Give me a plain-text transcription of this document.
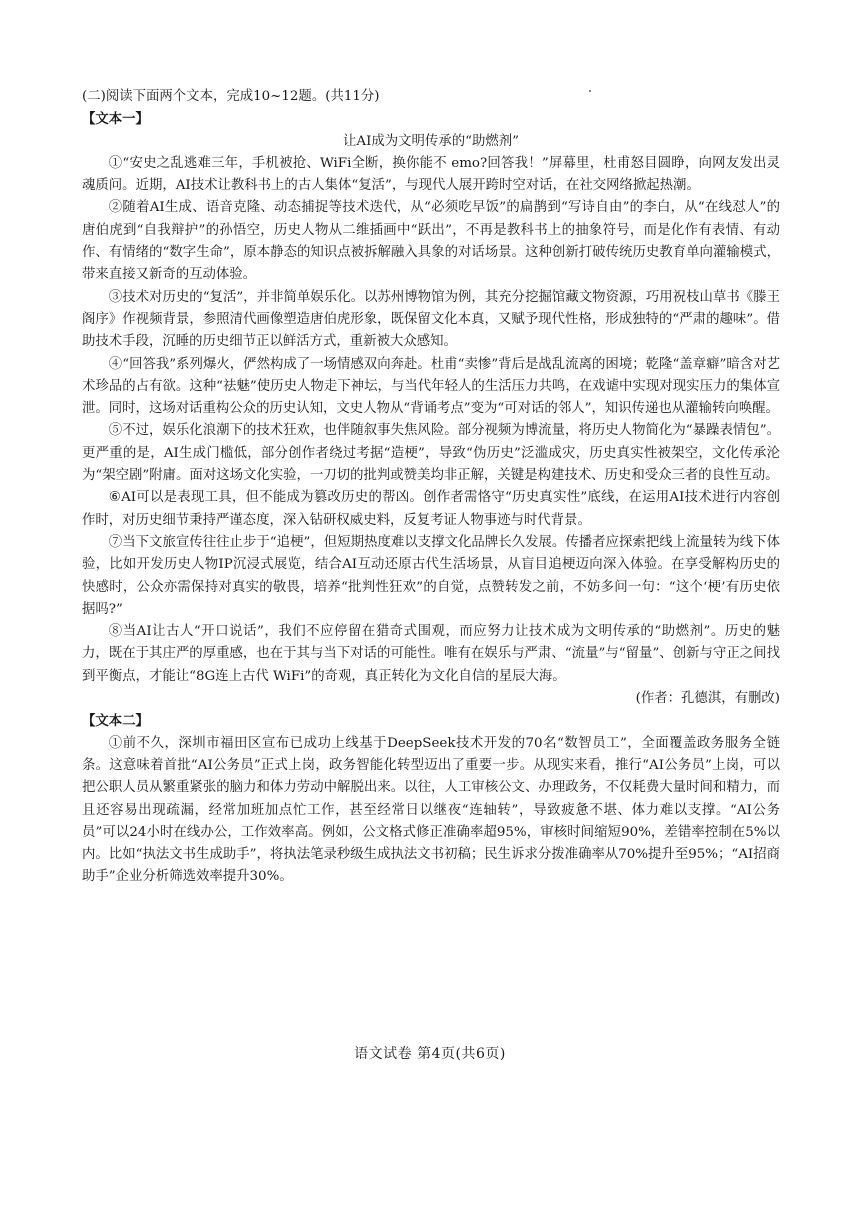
(二)阅读下面两个文本，完成10~12题。(共11分)

【文本一】

让AI成为文明传承的“助燃剂”

①“安史之乱逃难三年，手机被抢、WiFi全断，换你能不 emo?回答我！”屏幕里，杜甫怒目圆睁，向网友发出灵魂质问。近期，AI技术让教科书上的古人集体“复活”，与现代人展开跨时空对话，在社交网络掀起热潮。

②随着AI生成、语音克隆、动态捕捉等技术迭代，从“必须吃早饭”的扁鹊到“写诗自由”的李白，从“在线怼人”的唐伯虎到“自我辩护”的孙悟空，历史人物从二维插画中“跃出”，不再是教科书上的抽象符号，而是化作有表情、有动作、有情绪的“数字生命”，原本静态的知识点被拆解融入具象的对话场景。这种创新打破传统历史教育单向灌输模式，带来直接又新奇的互动体验。

③技术对历史的“复活”，并非简单娱乐化。以苏州博物馆为例，其充分挖掘馆藏文物资源，巧用祝枝山草书《滕王阁序》作视频背景，参照清代画像塑造唐伯虎形象，既保留文化本真，又赋予现代性格，形成独特的“严肃的趣味”。借助技术手段，沉睡的历史细节正以鲜活方式，重新被大众感知。

④“回答我”系列爆火，俨然构成了一场情感双向奔赴。杜甫“卖惨”背后是战乱流离的困境；乾隆“盖章癖”暗含对艺术珍品的占有欲。这种“祛魅”使历史人物走下神坛，与当代年轻人的生活压力共鸣，在戏谑中实现对现实压力的集体宣泄。同时，这场对话重构公众的历史认知，文史人物从“背诵考点”变为“可对话的邻人”，知识传递也从灌输转向唤醒。

⑤不过，娱乐化浪潮下的技术狂欢，也伴随叙事失焦风险。部分视频为博流量，将历史人物简化为“暴躁表情包”。更严重的是，AI生成门槛低，部分创作者绕过考据“造梗”，导致“伪历史”泛滥成灾，历史真实性被架空，文化传承沦为“架空剧”附庸。面对这场文化实验，一刀切的批判或赞美均非正解，关键是构建技术、历史和受众三者的良性互动。

⑥AI可以是表现工具，但不能成为篡改历史的帮凶。创作者需恪守“历史真实性”底线，在运用AI技术进行内容创作时，对历史细节秉持严谨态度，深入钻研权威史料，反复考证人物事迹与时代背景。

⑦当下文旅宣传往往止步于“追梗”，但短期热度难以支撑文化品牌长久发展。传播者应探索把线上流量转为线下体验，比如开发历史人物IP沉浸式展览，结合AI互动还原古代生活场景，从盲目追梗迈向深入体验。在享受解构历史的快感时，公众亦需保持对真实的敬畏，培养“批判性狂欢”的自觉，点赞转发之前，不妨多问一句：“这个‘梗’有历史依据吗?”

⑧当AI让古人“开口说话”，我们不应停留在猎奇式围观，而应努力让技术成为文明传承的“助燃剂”。历史的魅力，既在于其庄严的厚重感，也在于其与当下对话的可能性。唯有在娱乐与严肃、“流量”与“留量”、创新与守正之间找到平衡点，才能让“8G连上古代 WiFi”的奇观，真正转化为文化自信的星辰大海。

(作者：孔德淇，有删改)

【文本二】

①前不久，深圳市福田区宣布已成功上线基于DeepSeek技术开发的70名“数智员工”，全面覆盖政务服务全链条。这意味着首批“AI公务员”正式上岗，政务智能化转型迈出了重要一步。从现实来看，推行“AI公务员”上岗，可以把公职人员从繁重紧张的脑力和体力劳动中解脱出来。以往，人工审核公文、办理政务，不仅耗费大量时间和精力，而且还容易出现疏漏，经常加班加点忙工作，甚至经常日以继夜“连轴转”，导致疲惫不堪、体力难以支撑。“AI公务员”可以24小时在线办公，工作效率高。例如，公文格式修正准确率超95%，审核时间缩短90%，差错率控制在5%以内。比如“执法文书生成助手”，将执法笔录秒级生成执法文书初稿；民生诉求分拨准确率从70%提升至95%；“AI招商助手”企业分析筛选效率提升30%。

语文试卷 第4页(共6页)
